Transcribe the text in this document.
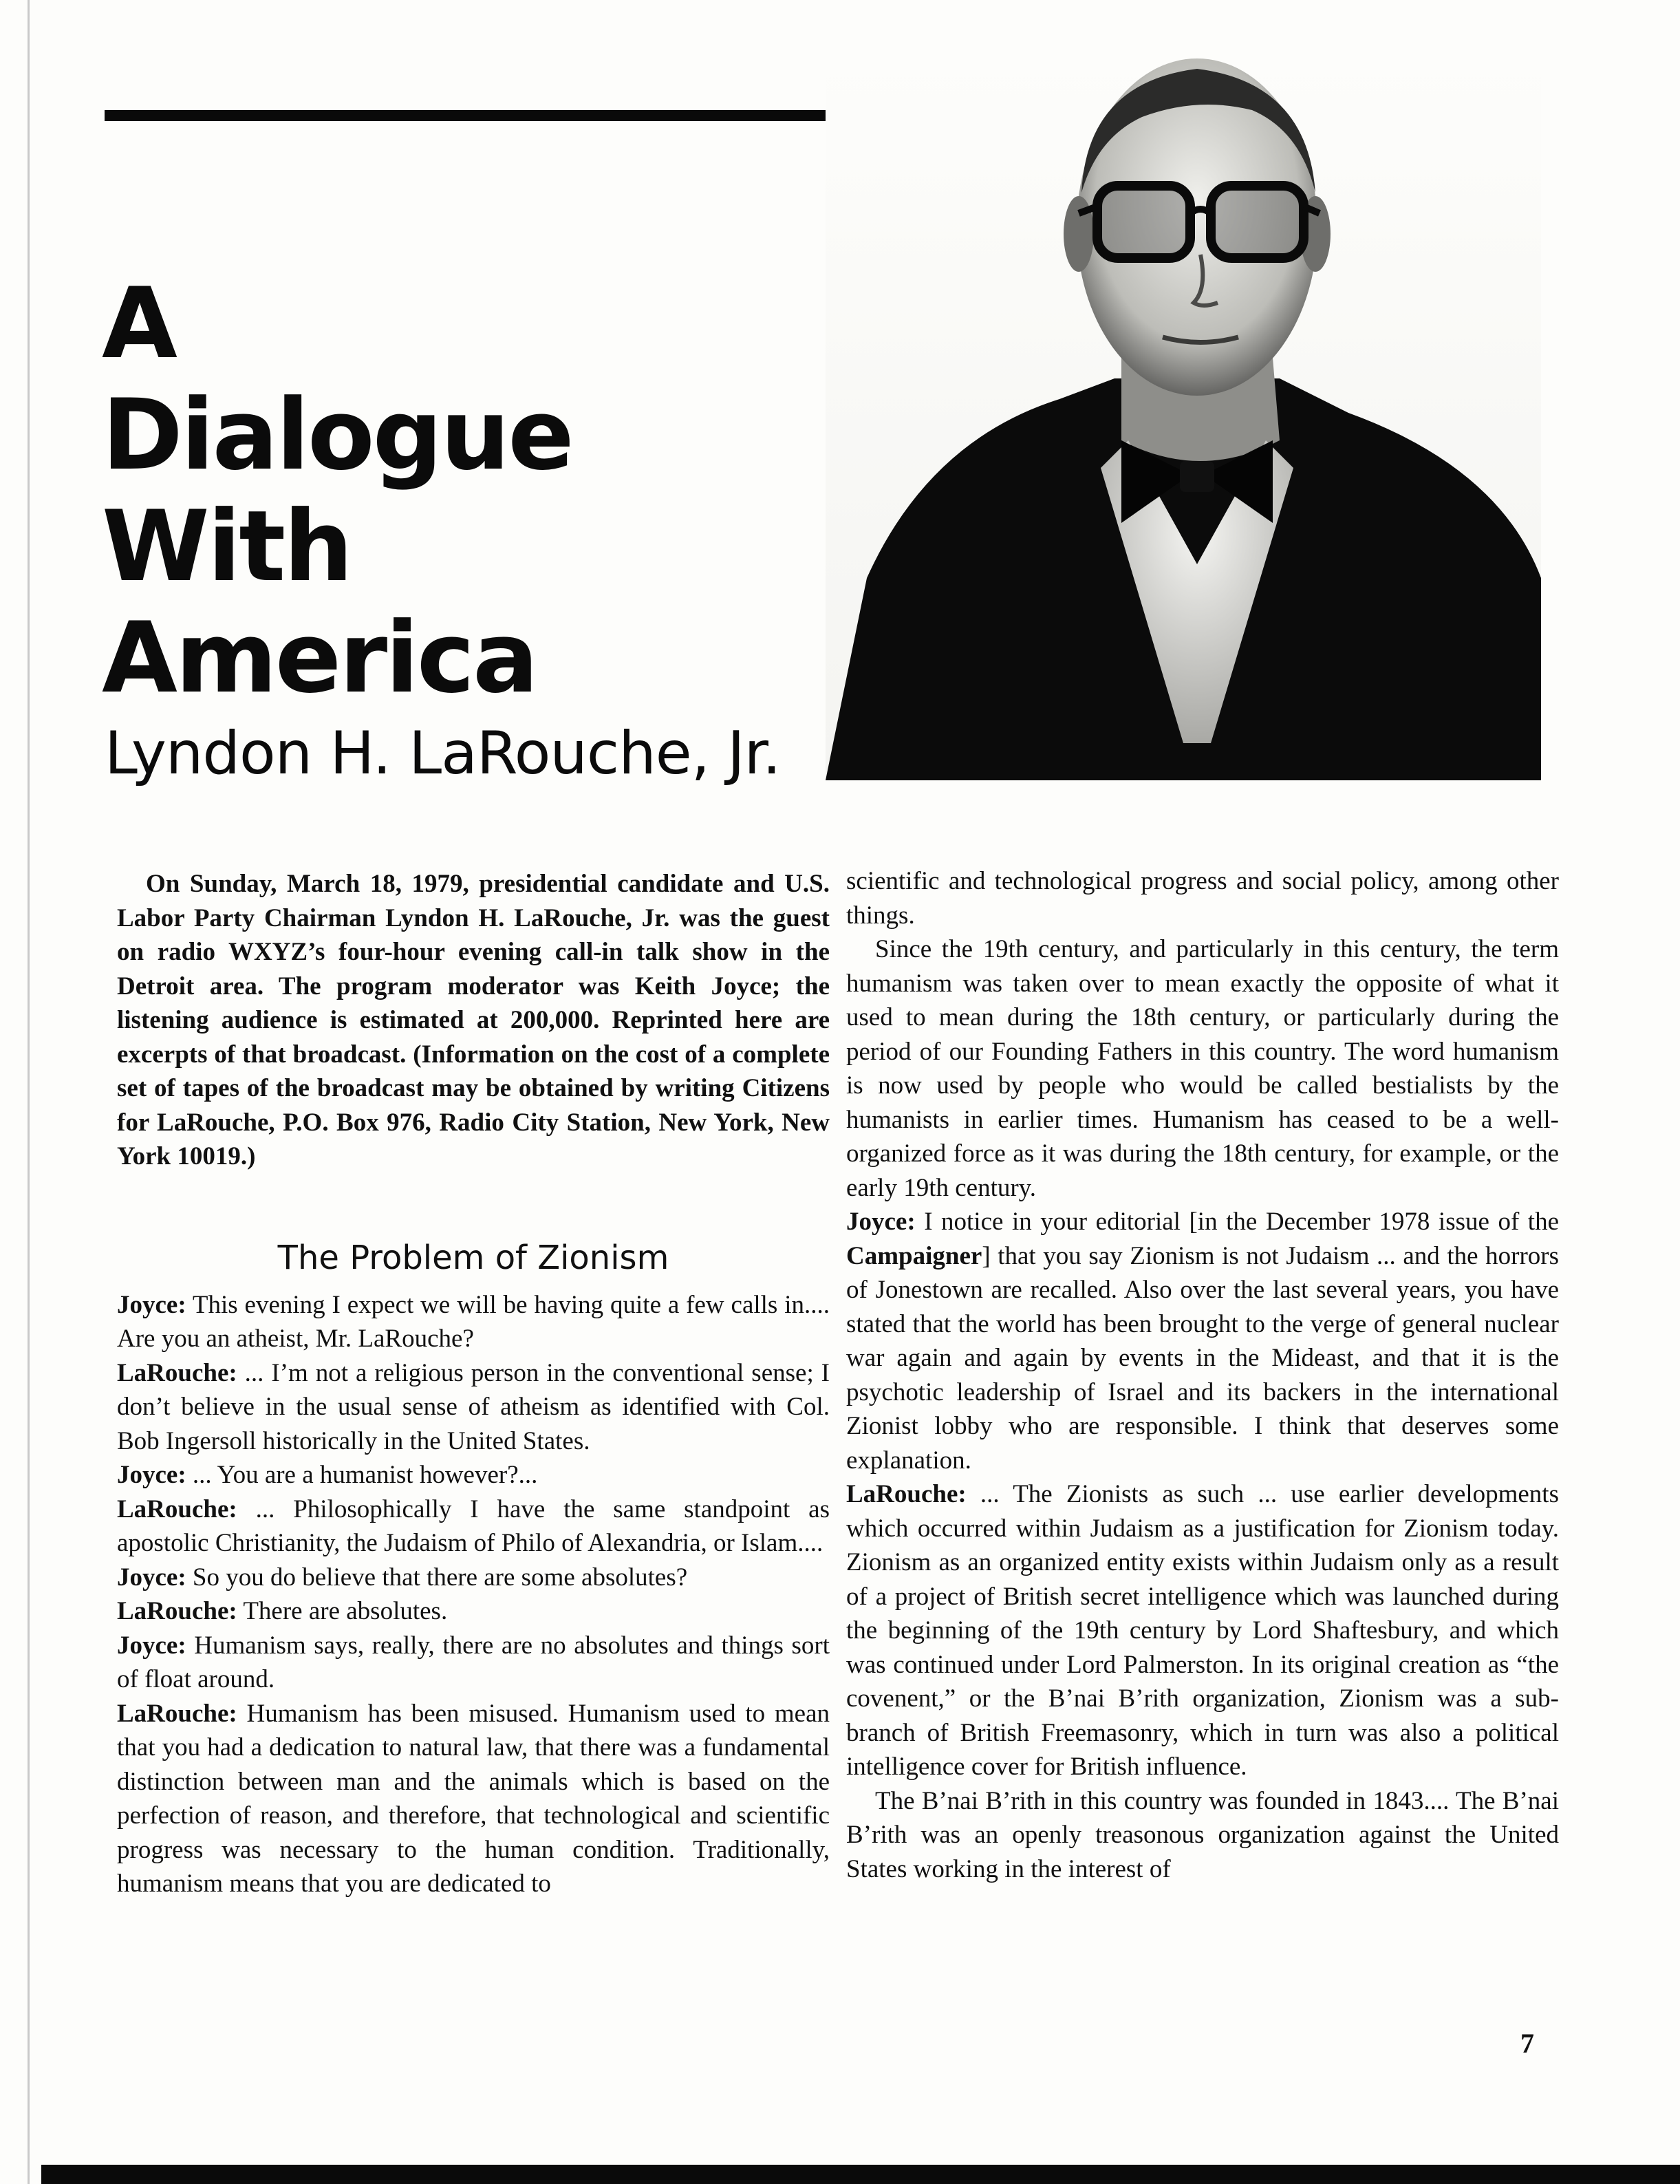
A
Dialogue
With
America
Lyndon H. LaRouche, Jr.

On Sunday, March 18, 1979, presidential candidate and U.S. Labor Party Chairman Lyndon H. LaRouche, Jr. was the guest on radio WXYZ’s four-hour evening call-in talk show in the Detroit area. The program moderator was Keith Joyce; the listening audience is estimated at 200,000. Reprinted here are excerpts of that broadcast. (Information on the cost of a complete set of tapes of the broadcast may be obtained by writing Citizens for LaRouche, P.O. Box 976, Radio City Station, New York, New York 10019.)

The Problem of Zionism

Joyce: This evening I expect we will be having quite a few calls in.... Are you an atheist, Mr. LaRouche?

LaRouche: ... I’m not a religious person in the conventional sense; I don’t believe in the usual sense of atheism as identified with Col. Bob Ingersoll historically in the United States.

Joyce: ... You are a humanist however?...

LaRouche: ... Philosophically I have the same standpoint as apostolic Christianity, the Judaism of Philo of Alexandria, or Islam....

Joyce: So you do believe that there are some absolutes?

LaRouche: There are absolutes.

Joyce: Humanism says, really, there are no absolutes and things sort of float around.

LaRouche: Humanism has been misused. Humanism used to mean that you had a dedication to natural law, that there was a fundamental distinction between man and the animals which is based on the perfection of reason, and therefore, that technological and scientific progress was necessary to the human condition. Traditionally, humanism means that you are dedicated to

scientific and technological progress and social policy, among other things.

Since the 19th century, and particularly in this century, the term humanism was taken over to mean exactly the opposite of what it used to mean during the 18th century, or particularly during the period of our Founding Fathers in this country. The word humanism is now used by people who would be called bestialists by the humanists in earlier times. Humanism has ceased to be a well-organized force as it was during the 18th century, for example, or the early 19th century.

Joyce: I notice in your editorial [in the December 1978 issue of the Campaigner] that you say Zionism is not Judaism ... and the horrors of Jonestown are recalled. Also over the last several years, you have stated that the world has been brought to the verge of general nuclear war again and again by events in the Mideast, and that it is the psychotic leadership of Israel and its backers in the international Zionist lobby who are responsible. I think that deserves some explanation.

LaRouche: ... The Zionists as such ... use earlier developments which occurred within Judaism as a justification for Zionism today. Zionism as an organized entity exists within Judaism only as a result of a project of British secret intelligence which was launched during the beginning of the 19th century by Lord Shaftesbury, and which was continued under Lord Palmerston. In its original creation as “the covenent,” or the B’nai B’rith organization, Zionism was a sub-branch of British Freemasonry, which in turn was also a political intelligence cover for British influence.

The B’nai B’rith in this country was founded in 1843.... The B’nai B’rith was an openly treasonous organization against the United States working in the interest of

7
